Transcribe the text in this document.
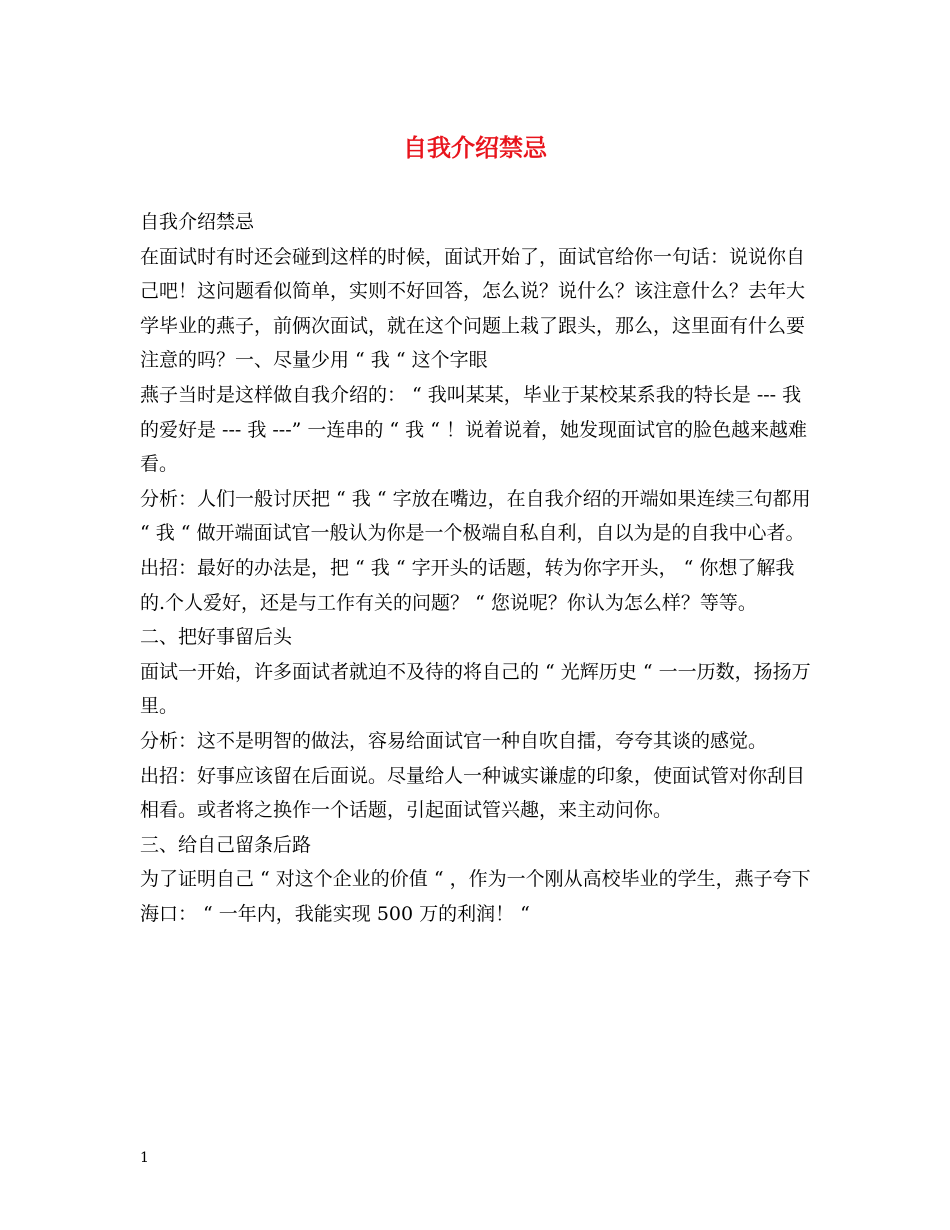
自我介绍禁忌

自我介绍禁忌

在面试时有时还会碰到这样的时候，面试开始了，面试官给你一句话：说说你自己吧！这问题看似简单，实则不好回答，怎么说？说什么？该注意什么？去年大学毕业的燕子，前俩次面试，就在这个问题上栽了跟头，那么，这里面有什么要注意的吗？一、尽量少用 “ 我 “ 这个字眼

燕子当时是这样做自我介绍的： “ 我叫某某，毕业于某校某系我的特长是 --- 我的爱好是 --- 我 ---” 一连串的 “ 我 “ ！说着说着，她发现面试官的脸色越来越难看。

分析：人们一般讨厌把 “ 我 “ 字放在嘴边，在自我介绍的开端如果连续三句都用 “ 我 “ 做开端面试官一般认为你是一个极端自私自利，自以为是的自我中心者。

出招：最好的办法是，把 “ 我 “ 字开头的话题，转为你字开头， “ 你想了解我的.个人爱好，还是与工作有关的问题？ “ 您说呢？你认为怎么样？等等。

二、把好事留后头

面试一开始，许多面试者就迫不及待的将自己的 “ 光辉历史 “ 一一历数，扬扬万里。

分析：这不是明智的做法，容易给面试官一种自吹自擂，夸夸其谈的感觉。

出招：好事应该留在后面说。尽量给人一种诚实谦虚的印象，使面试管对你刮目相看。或者将之换作一个话题，引起面试管兴趣，来主动问你。

三、给自己留条后路

为了证明自己 “ 对这个企业的价值 “ ，作为一个刚从高校毕业的学生，燕子夸下海口： “ 一年内，我能实现 500 万的利润！ “

1
